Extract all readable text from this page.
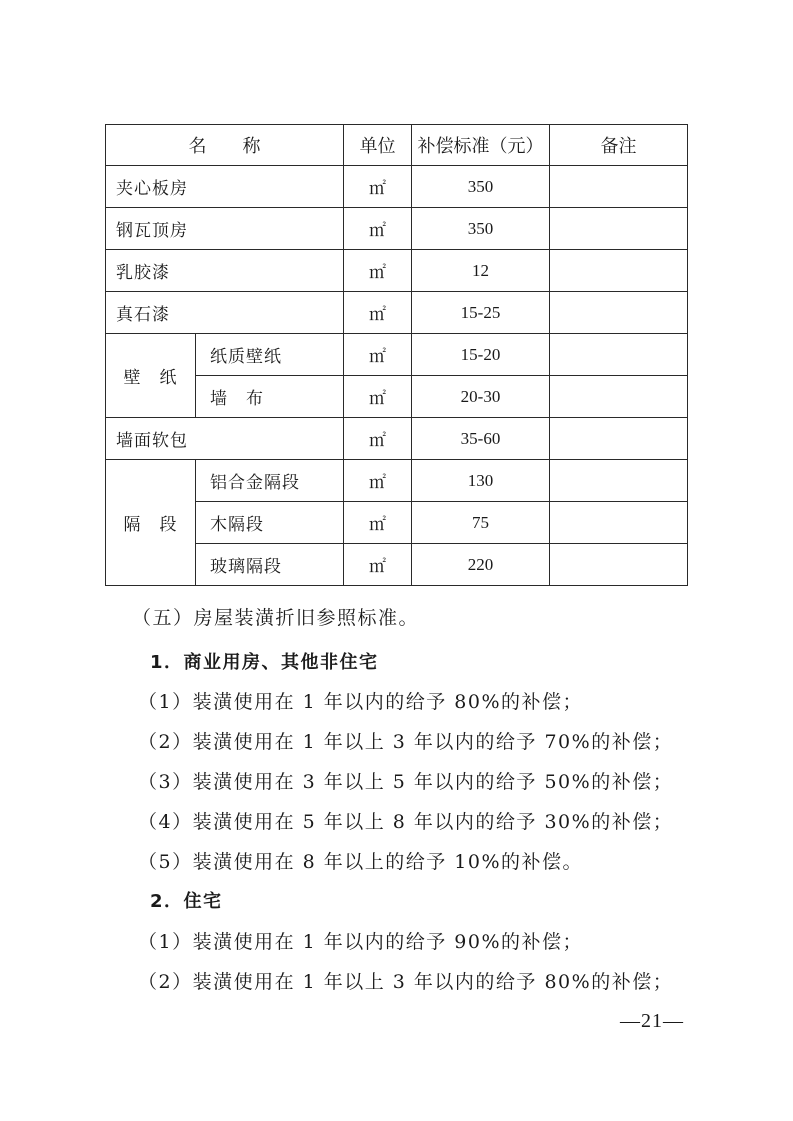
名　　称		单位	补偿标准（元）	备注
夹心板房		㎡	350	
钢瓦顶房		㎡	350	
乳胶漆		㎡	12	
真石漆		㎡	15-25	
壁　纸	纸质壁纸	㎡	15-20	
	墙　布	㎡	20-30	
墙面软包		㎡	35-60	
隔　段	铝合金隔段	㎡	130	
	木隔段	㎡	75	
	玻璃隔段	㎡	220	
（五）房屋装潢折旧参照标准。
1．商业用房、其他非住宅
（1）装潢使用在 1 年以内的给予 80%的补偿；
（2）装潢使用在 1 年以上 3 年以内的给予 70%的补偿；
（3）装潢使用在 3 年以上 5 年以内的给予 50%的补偿；
（4）装潢使用在 5 年以上 8 年以内的给予 30%的补偿；
（5）装潢使用在 8 年以上的给予 10%的补偿。
2．住宅
（1）装潢使用在 1 年以内的给予 90%的补偿；
（2）装潢使用在 1 年以上 3 年以内的给予 80%的补偿；
—21—
